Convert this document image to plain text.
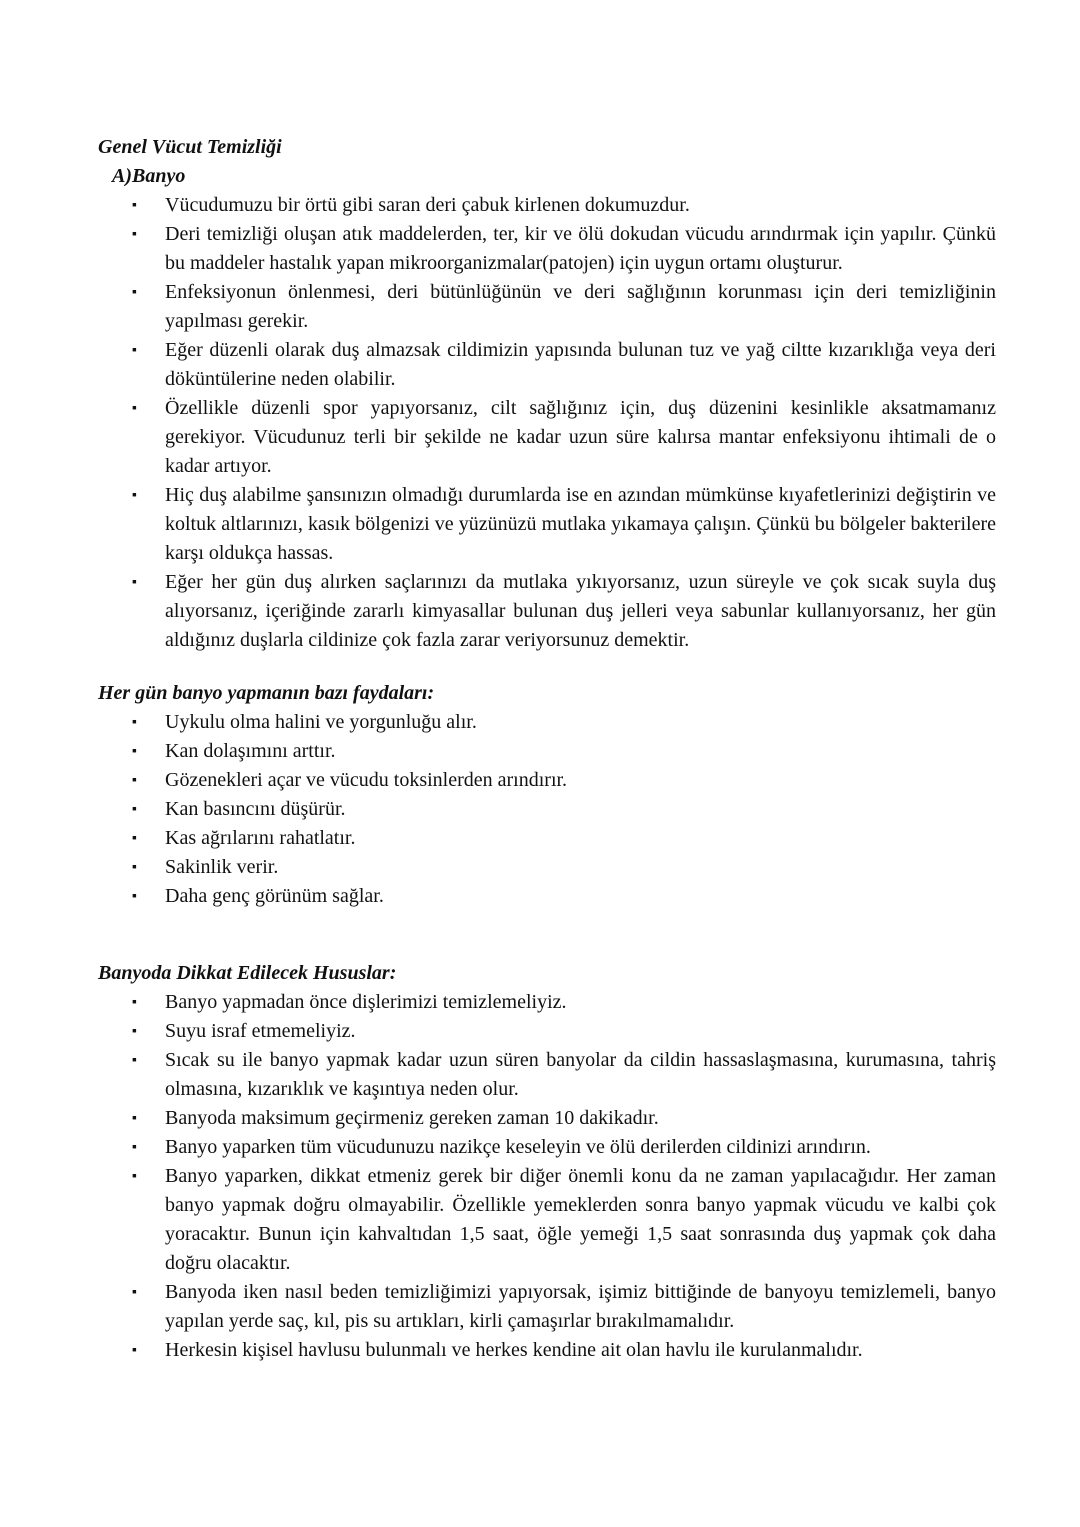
Genel Vücut Temizliği
A)Banyo
▪	Vücudumuzu bir örtü gibi saran deri çabuk kirlenen dokumuzdur.
▪	Deri temizliği oluşan atık maddelerden, ter, kir ve ölü dokudan vücudu arındırmak için yapılır. Çünkü bu maddeler hastalık yapan mikroorganizmalar(patojen) için uygun ortamı oluşturur.
▪	Enfeksiyonun önlenmesi, deri bütünlüğünün ve deri sağlığının korunması için deri temizliğinin yapılması gerekir.
▪	Eğer düzenli olarak duş almazsak cildimizin yapısında bulunan tuz ve yağ ciltte kızarıklığa veya deri döküntülerine neden olabilir.
▪	Özellikle düzenli spor yapıyorsanız, cilt sağlığınız için, duş düzenini kesinlikle aksatmamanız gerekiyor. Vücudunuz terli bir şekilde ne kadar uzun süre kalırsa mantar enfeksiyonu ihtimali de o kadar artıyor.
▪	Hiç duş alabilme şansınızın olmadığı durumlarda ise en azından mümkünse kıyafetlerinizi değiştirin ve koltuk altlarınızı, kasık bölgenizi ve yüzünüzü mutlaka yıkamaya çalışın. Çünkü bu bölgeler bakterilere karşı oldukça hassas.
▪	Eğer her gün duş alırken saçlarınızı da mutlaka yıkıyorsanız, uzun süreyle ve çok sıcak suyla duş alıyorsanız, içeriğinde zararlı kimyasallar bulunan duş jelleri veya sabunlar kullanıyorsanız, her gün aldığınız duşlarla cildinize çok fazla zarar veriyorsunuz demektir.
Her gün banyo yapmanın bazı faydaları:
▪	Uykulu olma halini ve yorgunluğu alır.
▪	Kan dolaşımını arttır.
▪	Gözenekleri açar ve vücudu toksinlerden arındırır.
▪	Kan basıncını düşürür.
▪	Kas ağrılarını rahatlatır.
▪	Sakinlik verir.
▪	Daha genç görünüm sağlar.
Banyoda Dikkat Edilecek Hususlar:
▪	Banyo yapmadan önce dişlerimizi temizlemeliyiz.
▪	Suyu israf etmemeliyiz.
▪	Sıcak su ile banyo yapmak kadar uzun süren banyolar da cildin hassaslaşmasına, kurumasına, tahriş olmasına, kızarıklık ve kaşıntıya neden olur.
▪	Banyoda maksimum geçirmeniz gereken zaman 10 dakikadır.
▪	Banyo yaparken tüm vücudunuzu nazikçe keseleyin ve ölü derilerden cildinizi arındırın.
▪	Banyo yaparken, dikkat etmeniz gerek bir diğer önemli konu da ne zaman yapılacağıdır. Her zaman banyo yapmak doğru olmayabilir. Özellikle yemeklerden sonra banyo yapmak vücudu ve kalbi çok yoracaktır. Bunun için kahvaltıdan 1,5 saat, öğle yemeği 1,5 saat sonrasında duş yapmak çok daha doğru olacaktır.
▪	Banyoda iken nasıl beden temizliğimizi yapıyorsak, işimiz bittiğinde de banyoyu temizlemeli, banyo yapılan yerde saç, kıl, pis su artıkları, kirli çamaşırlar bırakılmamalıdır.
▪	Herkesin kişisel havlusu bulunmalı ve herkes kendine ait olan havlu ile kurulanmalıdır.
